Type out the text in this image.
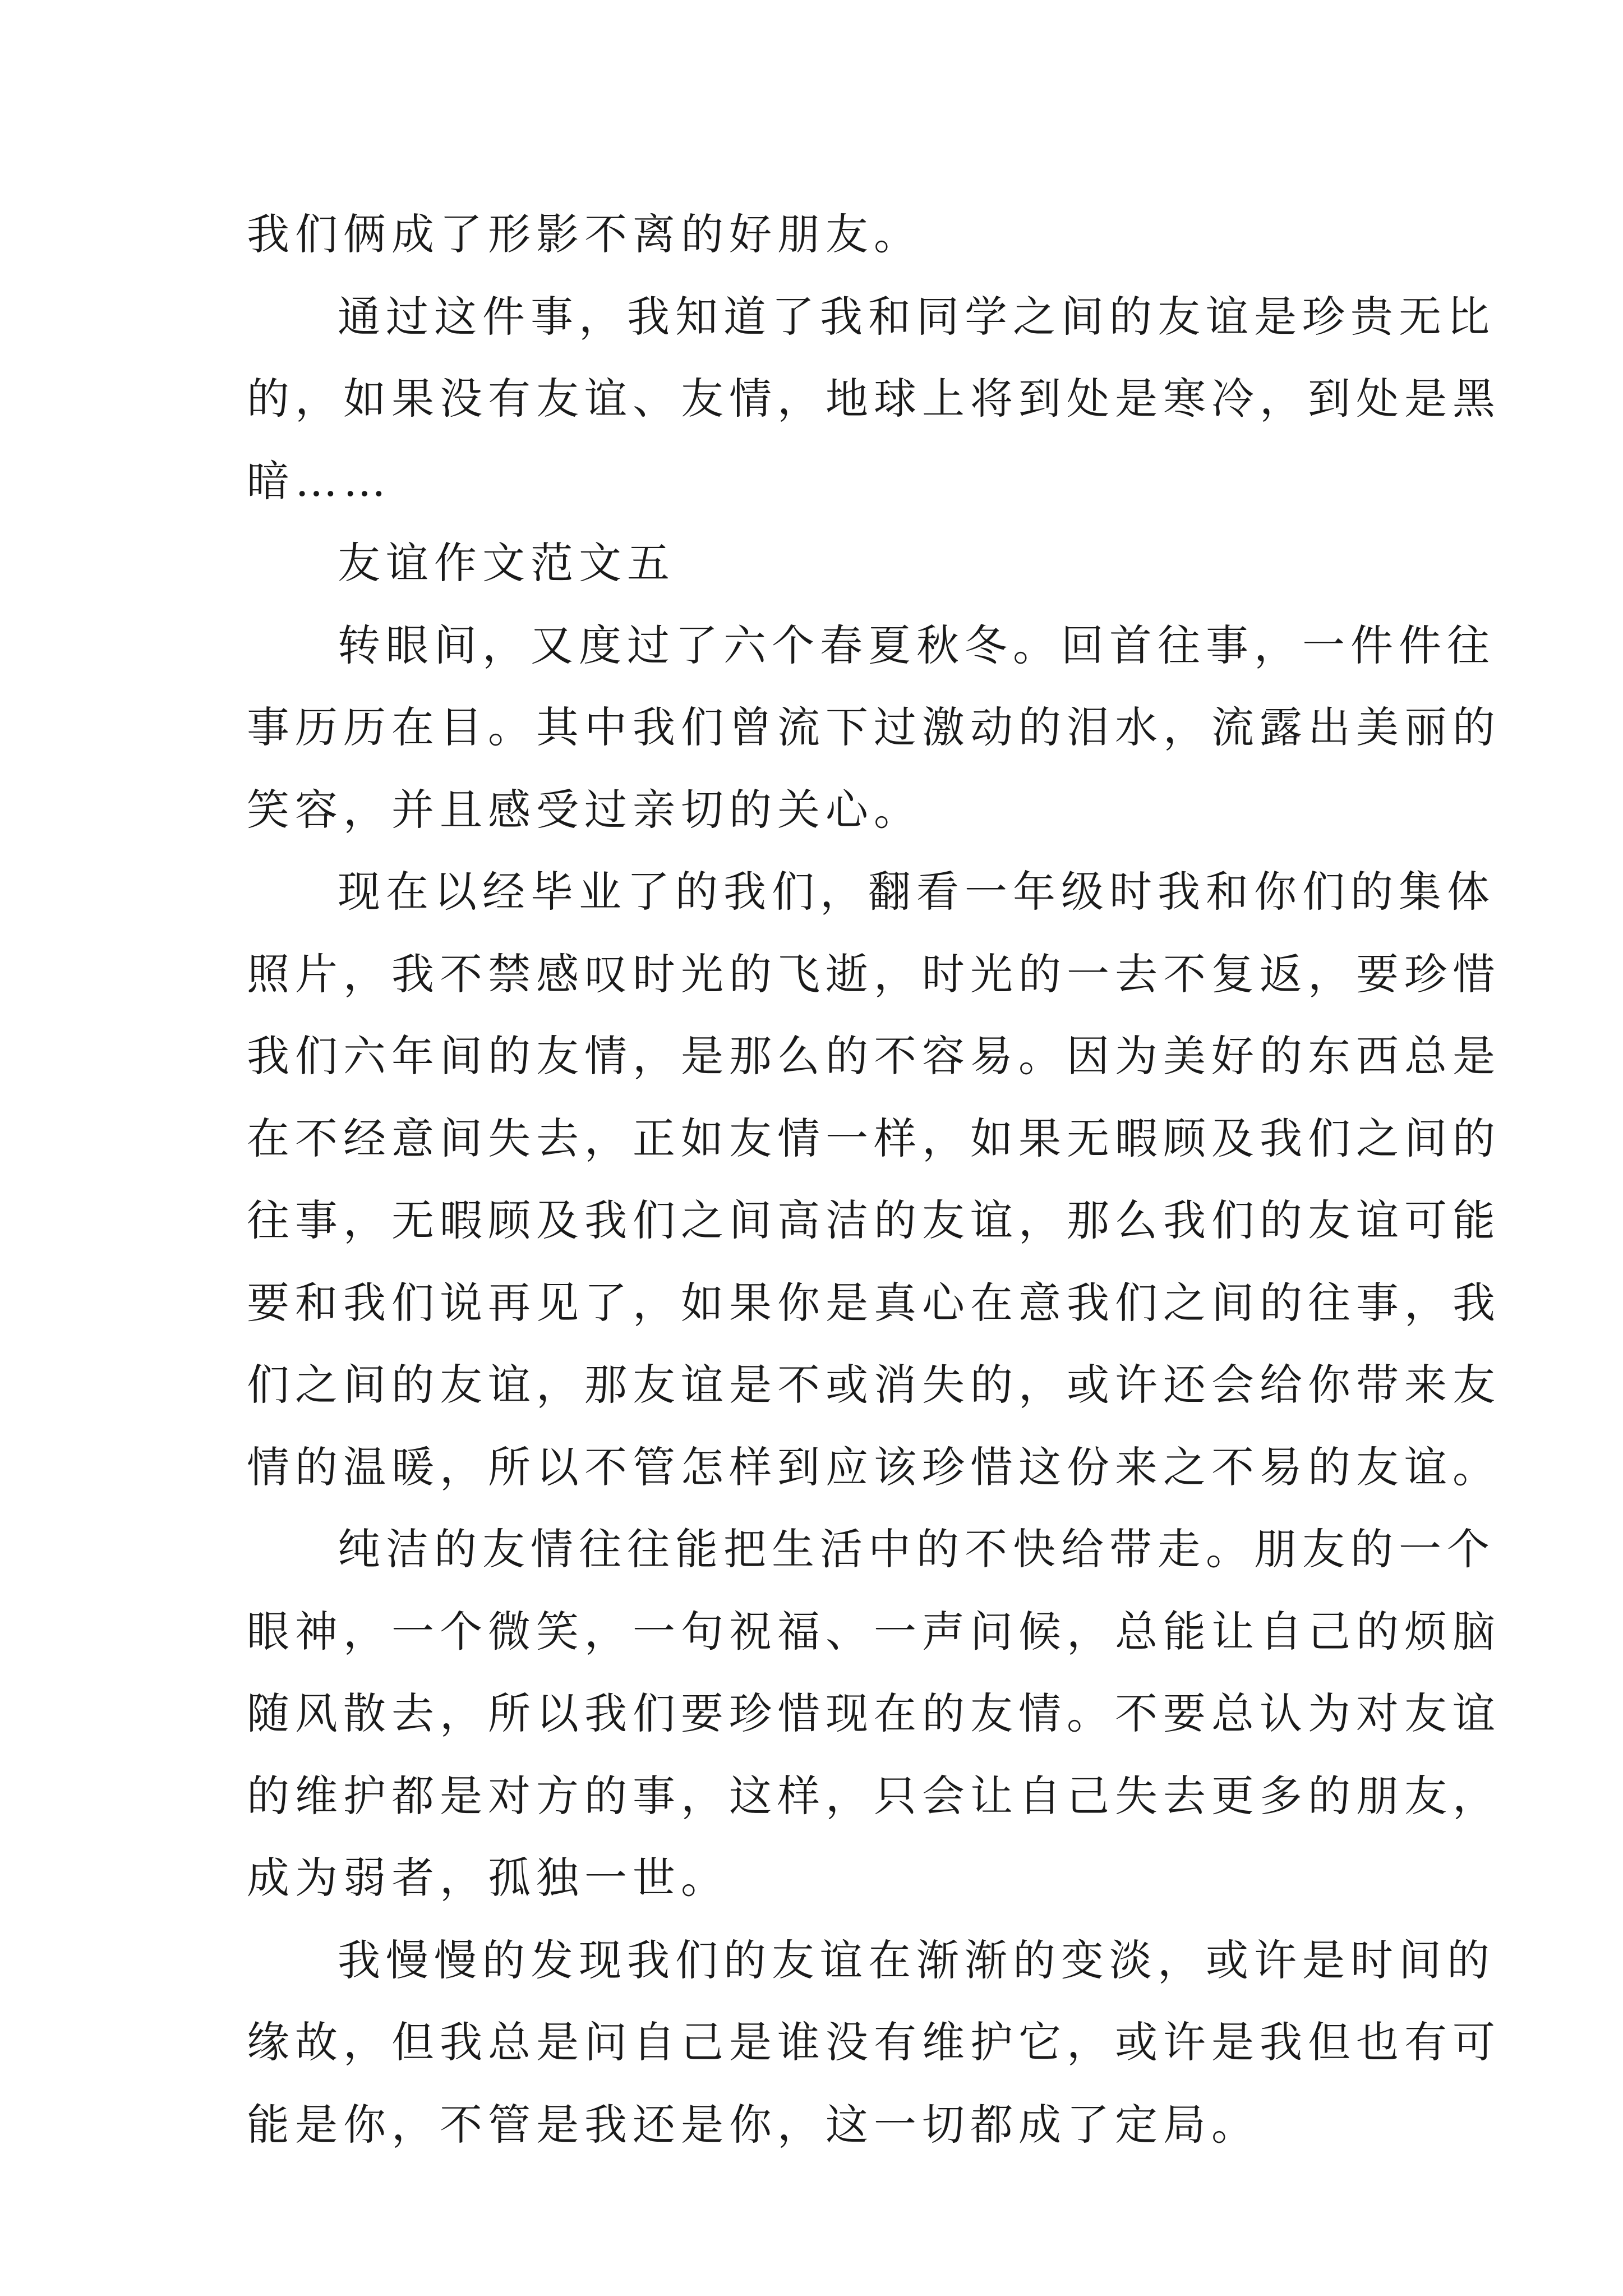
我们俩成了形影不离的好朋友。
通过这件事，我知道了我和同学之间的友谊是珍贵无比
的，如果没有友谊、友情，地球上将到处是寒冷，到处是黑
暗……
友谊作文范文五
转眼间，又度过了六个春夏秋冬。回首往事，一件件往
事历历在目。其中我们曾流下过激动的泪水，流露出美丽的
笑容，并且感受过亲切的关心。
现在以经毕业了的我们，翻看一年级时我和你们的集体
照片，我不禁感叹时光的飞逝，时光的一去不复返，要珍惜
我们六年间的友情，是那么的不容易。因为美好的东西总是
在不经意间失去，正如友情一样，如果无暇顾及我们之间的
往事，无暇顾及我们之间高洁的友谊，那么我们的友谊可能
要和我们说再见了，如果你是真心在意我们之间的往事，我
们之间的友谊，那友谊是不或消失的，或许还会给你带来友
情的温暖，所以不管怎样到应该珍惜这份来之不易的友谊。
纯洁的友情往往能把生活中的不快给带走。朋友的一个
眼神，一个微笑，一句祝福、一声问候，总能让自己的烦脑
随风散去，所以我们要珍惜现在的友情。不要总认为对友谊
的维护都是对方的事，这样，只会让自己失去更多的朋友，
成为弱者，孤独一世。
我慢慢的发现我们的友谊在渐渐的变淡，或许是时间的
缘故，但我总是问自己是谁没有维护它，或许是我但也有可
能是你，不管是我还是你，这一切都成了定局。
